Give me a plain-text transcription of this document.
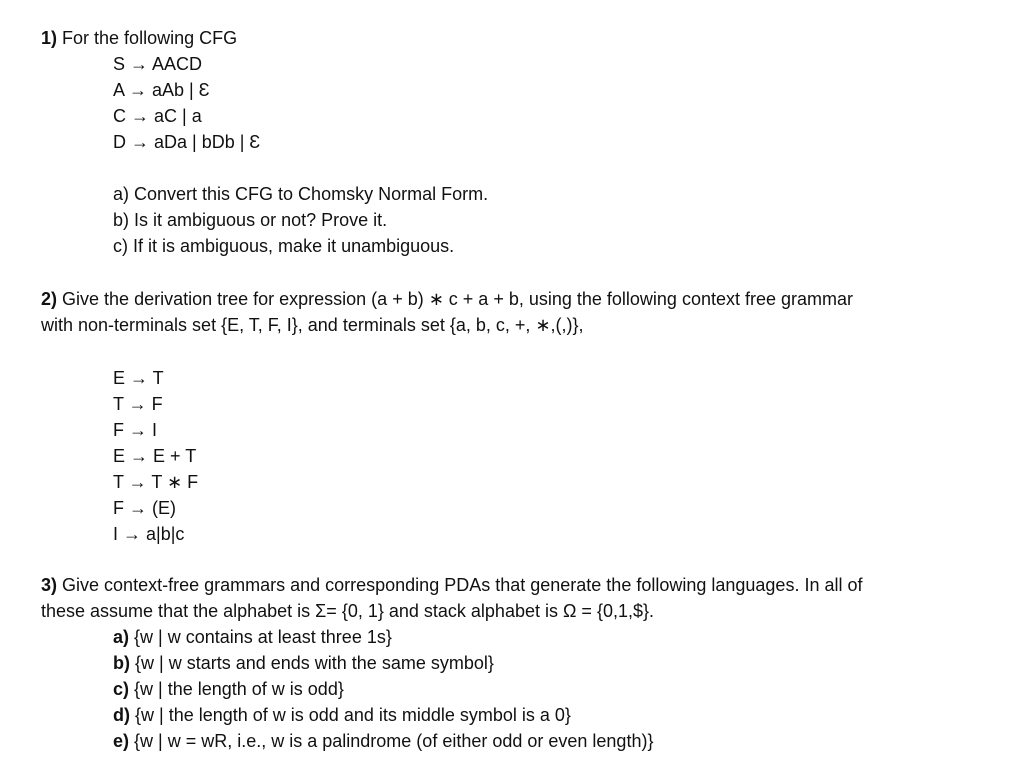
1) For the following CFG
S → AACD
A → aAb | Ɛ
C → aC | a
D → aDa | bDb | Ɛ
a) Convert this CFG to Chomsky Normal Form.
b) Is it ambiguous or not? Prove it.
c) If it is ambiguous, make it unambiguous.
2) Give the derivation tree for expression (a + b) ∗ c + a + b, using the following context free grammar
with non-terminals set {E, T, F, I}, and terminals set {a, b, c, +, ∗,(,)},
E → T
T → F
F → I
E → E + T
T → T ∗ F
F → (E)
I → a|b|c
3) Give context-free grammars and corresponding PDAs that generate the following languages. In all of
these assume that the alphabet is Σ= {0, 1} and stack alphabet is Ω = {0,1,$}.
a) {w | w contains at least three 1s}
b) {w | w starts and ends with the same symbol}
c) {w | the length of w is odd}
d) {w | the length of w is odd and its middle symbol is a 0}
e) {w | w = wR, i.e., w is a palindrome (of either odd or even length)}
